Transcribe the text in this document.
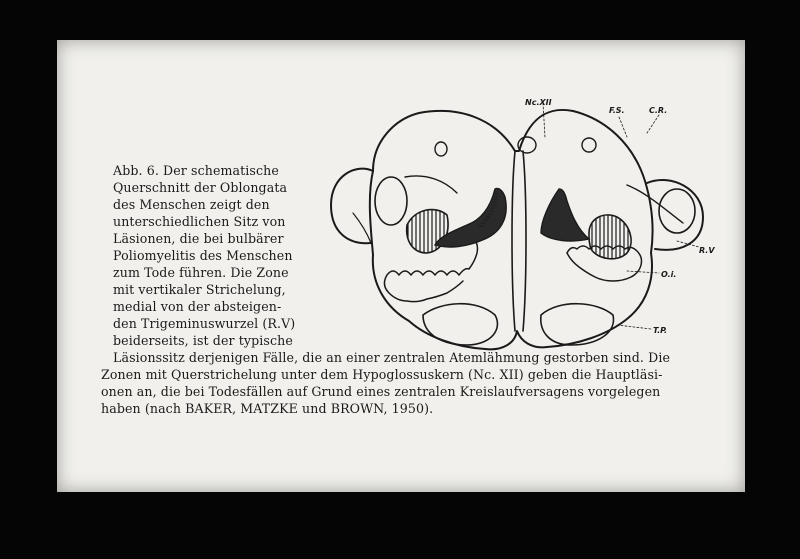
Abb. 6. Der schematische

Querschnitt der Oblongata

des Menschen zeigt den

unterschiedlichen Sitz von

Läsionen, die bei bulbärer

Poliomyelitis des Menschen

zum Tode führen. Die Zone

mit vertikaler Strichelung,

medial von der absteigen-

den Trigeminuswurzel (R.V)

beiderseits, ist der typische

Läsionssitz derjenigen Fälle, die an einer zentralen Atemlähmung gestorben sind. Die

Zonen mit Querstrichelung unter dem Hypoglossuskern (Nc. XII) geben die Hauptläsi-

onen an, die bei Todesfällen auf Grund eines zentralen Kreislaufversagens vorgelegen

haben (nach BAKER, MATZKE und BROWN, 1950).

Nc.XII
F.S.	C.R.
R.V
O.i.
T.P.
